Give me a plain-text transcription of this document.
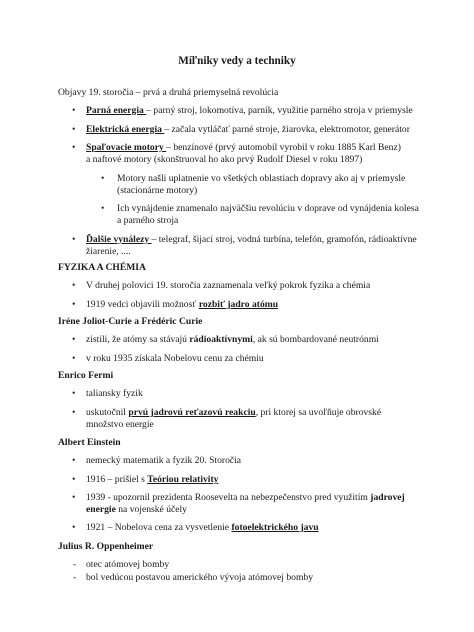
Míľniky vedy a techniky
Objavy 19. storočia – prvá a druhá priemyselná revolúcia
•	Parná energia – parný stroj, lokomotíva, parník, využitie parného stroja v priemysle
•	Elektrická energia – začala vytláčať parné stroje, žiarovka, elektromotor, generátor
•	Spaľovacie motory – benzínové (prvý automobil vyrobil v roku 1885 Karl Benz)
a naftové motory (skonštruoval ho ako prvý Rudolf Diesel v roku 1897)
• Motory našli uplatnenie vo všetkých oblastiach dopravy ako aj v priemysle
(stacionárne motory)
• Ich vynájdenie znamenalo najväčšiu revolúciu v doprave od vynájdenia kolesa
a parného stroja
•	Ďalšie vynálezy – telegraf, šijací stroj, vodná turbína, telefón, gramofón, rádioaktívne
žiarenie, ....
FYZIKA A CHÉMIA
•	V druhej polovici 19. storočia zaznamenala veľký pokrok fyzika a chémia
•	1919 vedci objavili možnosť rozbiť jadro atómu
Iréne Joliot-Curie a Frédéric Curie
•	zistili, že atómy sa stávajú rádioaktívnymi, ak sú bombardované neutrónmi
•	v roku 1935 získala Nobelovu cenu za chémiu
Enrico Fermi
•	taliansky fyzik
•	uskutočnil prvú jadrovú reťazovú reakciu, pri ktorej sa uvoľňuje obrovské
množstvo energie
Albert Einstein
•	nemecký matematik a fyzik 20. Storočia
•	1916 – prišiel s Teóriou relativity
•	1939 - upozornil prezidenta Roosevelta na nebezpečenstvo pred využitím jadrovej
energie na vojenské účely
•	1921 – Nobelova cena za vysvetlenie fotoelektrického javu
Julius R. Oppenheimer
- otec atómovej bomby
- bol vedúcou postavou amerického vývoja atómovej bomby
